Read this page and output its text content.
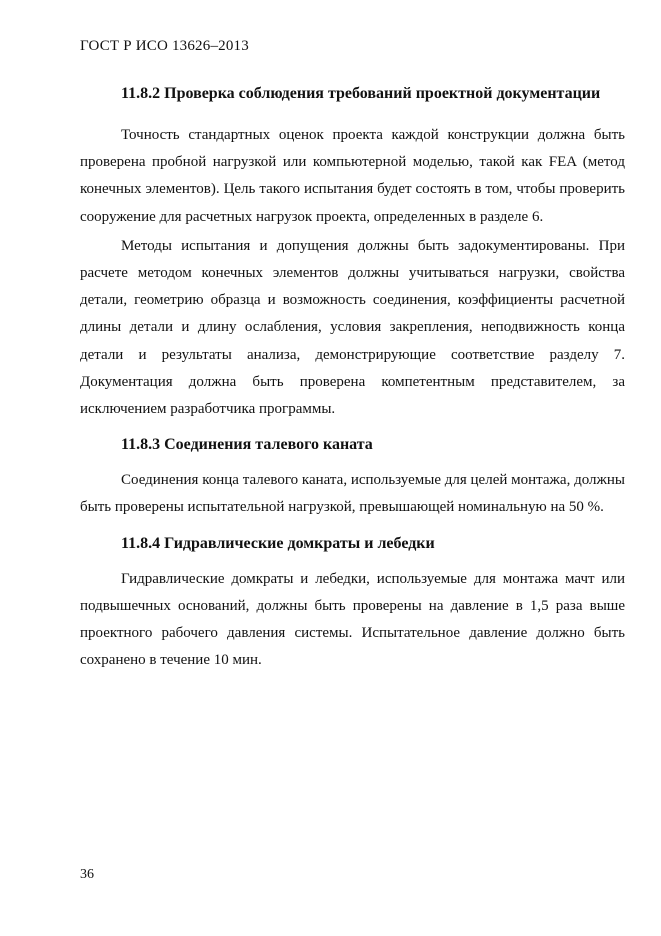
ГОСТ Р ИСО 13626–2013

11.8.2 Проверка соблюдения требований проектной документации

Точность стандартных оценок проекта каждой конструкции должна быть проверена пробной нагрузкой или компьютерной моделью, такой как FEA (метод конечных элементов). Цель такого испытания будет состоять в том, чтобы проверить сооружение для расчетных нагрузок проекта, определенных в разделе 6.

Методы испытания и допущения должны быть задокументированы. При расчете методом конечных элементов должны учитываться нагрузки, свойства детали, геометрию образца и возможность соединения, коэффициенты расчетной длины детали и длину ослабления, условия закрепления, неподвижность конца детали и результаты анализа, демонстрирующие соответствие разделу 7. Документация должна быть проверена компетентным представителем, за исключением разработчика программы.

11.8.3 Соединения талевого каната

Соединения конца талевого каната, используемые для целей монтажа, должны быть проверены испытательной нагрузкой, превышающей номинальную на 50 %.

11.8.4 Гидравлические домкраты и лебедки

Гидравлические домкраты и лебедки, используемые для монтажа мачт или подвышечных оснований, должны быть проверены на давление в 1,5 раза выше проектного рабочего давления системы. Испытательное давление должно быть сохранено в течение 10 мин.

36
